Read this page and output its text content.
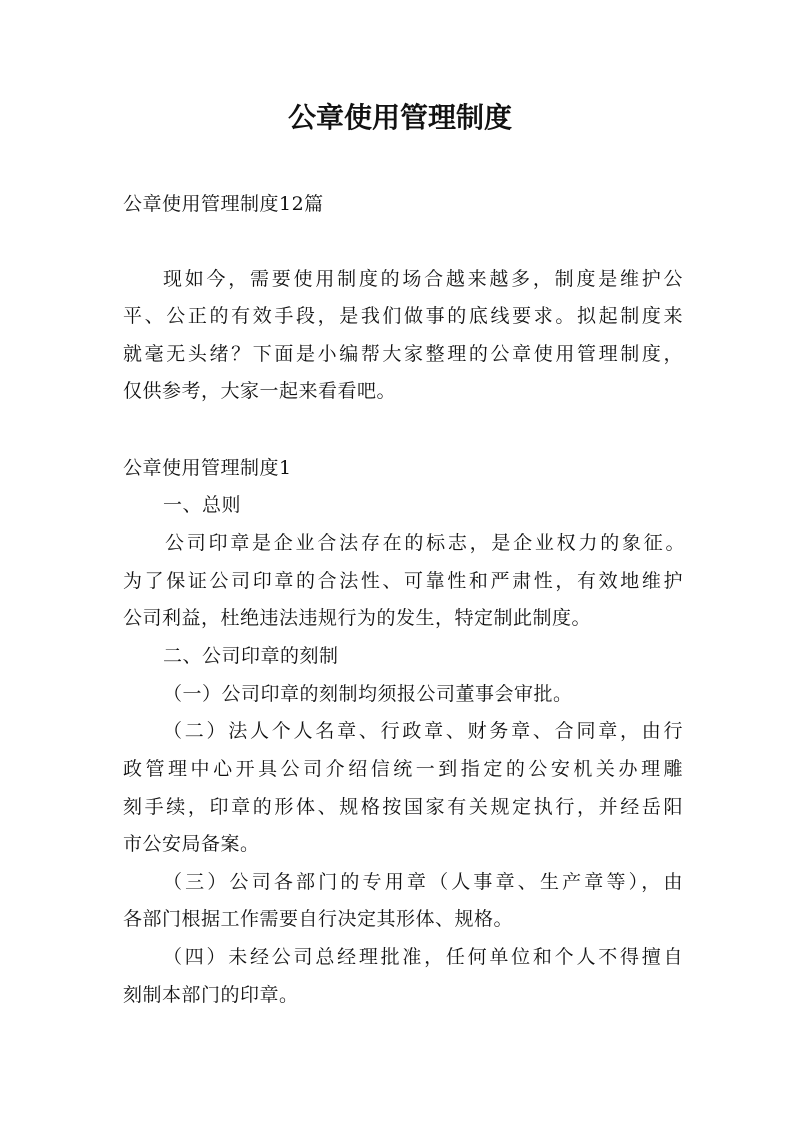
公章使用管理制度

公章使用管理制度12篇

现如今，需要使用制度的场合越来越多，制度是维护公

平、公正的有效手段，是我们做事的底线要求。拟起制度来

就毫无头绪？下面是小编帮大家整理的公章使用管理制度，

仅供参考，大家一起来看看吧。

公章使用管理制度1

一、总则

公司印章是企业合法存在的标志，是企业权力的象征。

为了保证公司印章的合法性、可靠性和严肃性，有效地维护

公司利益，杜绝违法违规行为的发生，特定制此制度。

二、公司印章的刻制

（一）公司印章的刻制均须报公司董事会审批。

（二）法人个人名章、行政章、财务章、合同章，由行

政管理中心开具公司介绍信统一到指定的公安机关办理雕

刻手续，印章的形体、规格按国家有关规定执行，并经岳阳

市公安局备案。

（三）公司各部门的专用章（人事章、生产章等），由

各部门根据工作需要自行决定其形体、规格。

（四）未经公司总经理批准，任何单位和个人不得擅自

刻制本部门的印章。
